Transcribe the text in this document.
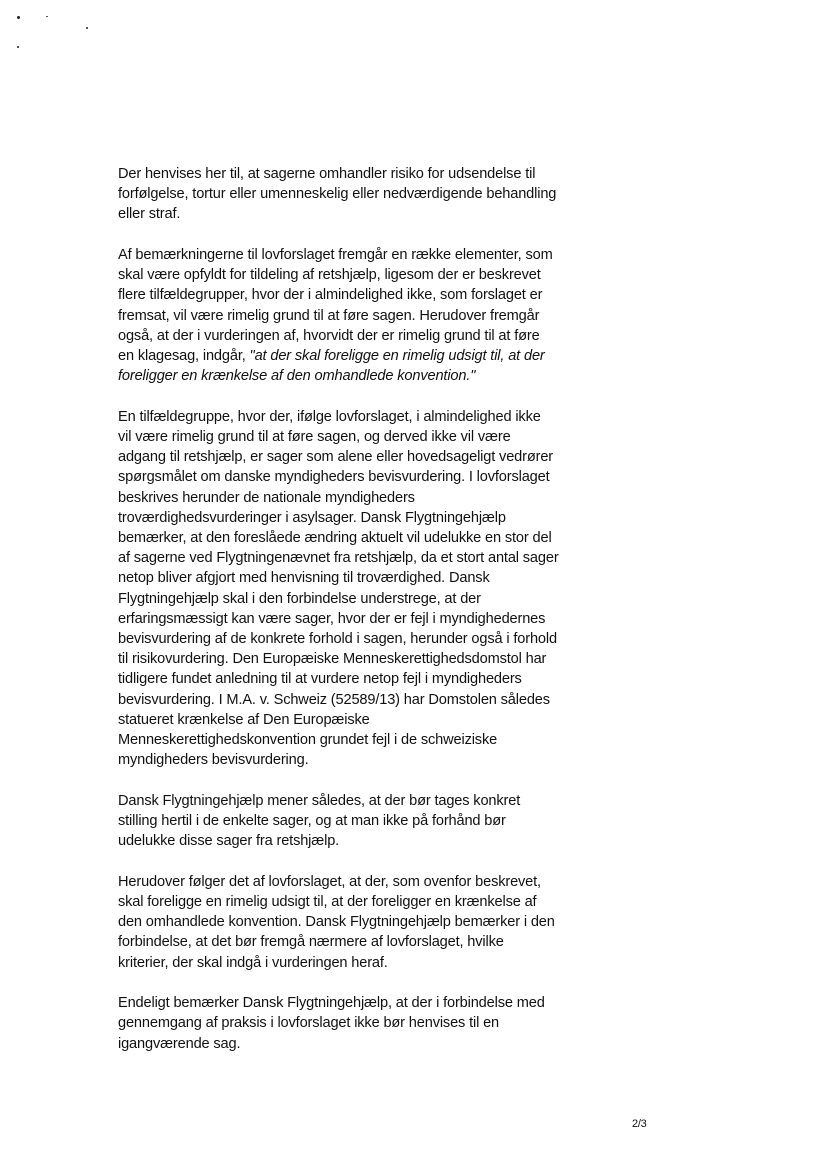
Der henvises her til, at sagerne omhandler risiko for udsendelse til
forfølgelse, tortur eller umenneskelig eller nedværdigende behandling
eller straf.

Af bemærkningerne til lovforslaget fremgår en række elementer, som
skal være opfyldt for tildeling af retshjælp, ligesom der er beskrevet
flere tilfældegrupper, hvor der i almindelighed ikke, som forslaget er
fremsat, vil være rimelig grund til at føre sagen. Herudover fremgår
også, at der i vurderingen af, hvorvidt der er rimelig grund til at føre
en klagesag, indgår, "at der skal foreligge en rimelig udsigt til, at der
foreligger en krænkelse af den omhandlede konvention."

En tilfældegruppe, hvor der, ifølge lovforslaget, i almindelighed ikke
vil være rimelig grund til at føre sagen, og derved ikke vil være
adgang til retshjælp, er sager som alene eller hovedsageligt vedrører
spørgsmålet om danske myndigheders bevisvurdering. I lovforslaget
beskrives herunder de nationale myndigheders
troværdighedsvurderinger i asylsager. Dansk Flygtningehjælp
bemærker, at den foreslåede ændring aktuelt vil udelukke en stor del
af sagerne ved Flygtningenævnet fra retshjælp, da et stort antal sager
netop bliver afgjort med henvisning til troværdighed. Dansk
Flygtningehjælp skal i den forbindelse understrege, at der
erfaringsmæssigt kan være sager, hvor der er fejl i myndighedernes
bevisvurdering af de konkrete forhold i sagen, herunder også i forhold
til risikovurdering. Den Europæiske Menneskerettighedsdomstol har
tidligere fundet anledning til at vurdere netop fejl i myndigheders
bevisvurdering. I M.A. v. Schweiz (52589/13) har Domstolen således
statueret krænkelse af Den Europæiske
Menneskerettighedskonvention grundet fejl i de schweiziske
myndigheders bevisvurdering.

Dansk Flygtningehjælp mener således, at der bør tages konkret
stilling hertil i de enkelte sager, og at man ikke på forhånd bør
udelukke disse sager fra retshjælp.

Herudover følger det af lovforslaget, at der, som ovenfor beskrevet,
skal foreligge en rimelig udsigt til, at der foreligger en krænkelse af
den omhandlede konvention. Dansk Flygtningehjælp bemærker i den
forbindelse, at det bør fremgå nærmere af lovforslaget, hvilke
kriterier, der skal indgå i vurderingen heraf.

Endeligt bemærker Dansk Flygtningehjælp, at der i forbindelse med
gennemgang af praksis i lovforslaget ikke bør henvises til en
igangværende sag.

2/3
